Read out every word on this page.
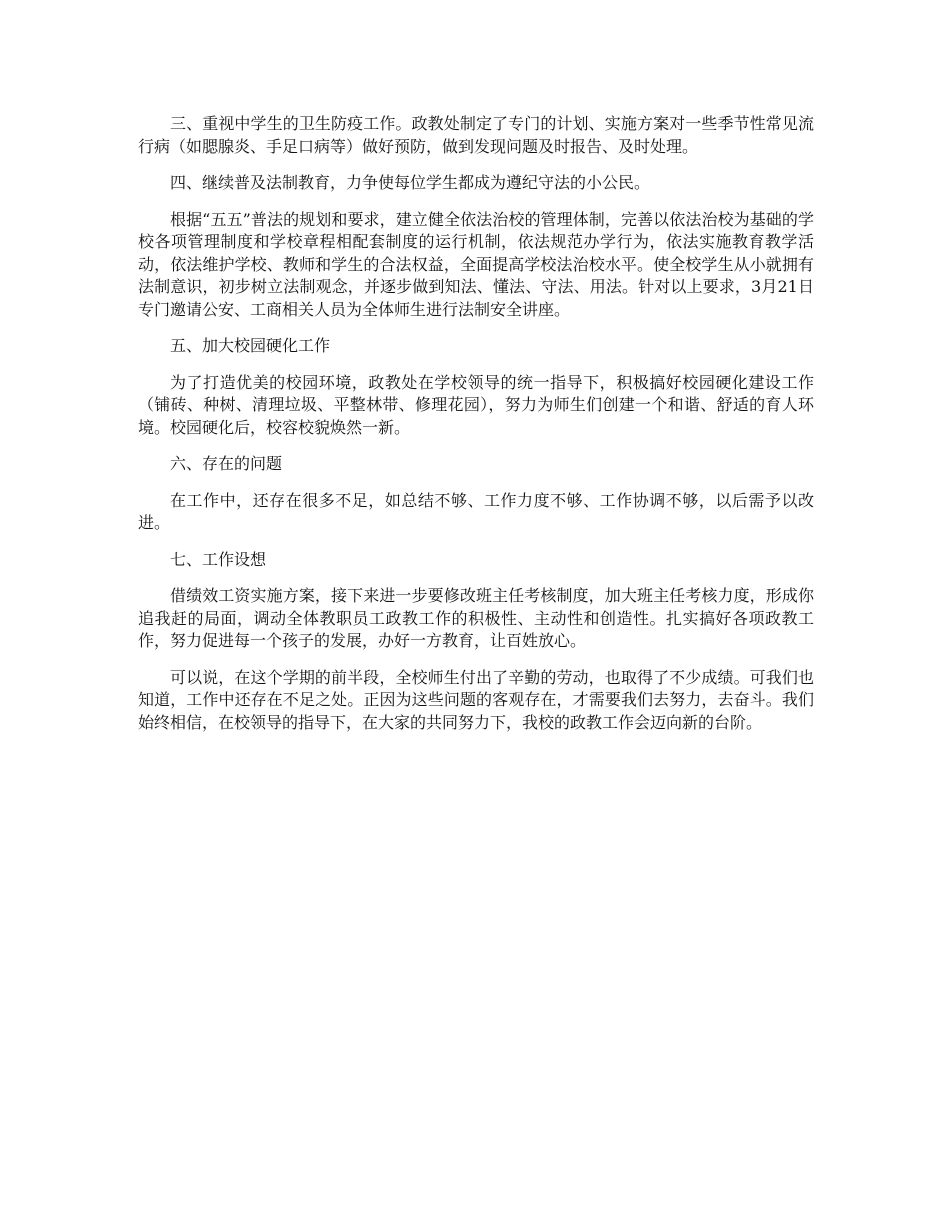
三、重视中学生的卫生防疫工作。政教处制定了专门的计划、实施方案对一些季节性常见流行病（如腮腺炎、手足口病等）做好预防，做到发现问题及时报告、及时处理。

四、继续普及法制教育，力争使每位学生都成为遵纪守法的小公民。

根据“五五”普法的规划和要求，建立健全依法治校的管理体制，完善以依法治校为基础的学校各项管理制度和学校章程相配套制度的运行机制，依法规范办学行为，依法实施教育教学活动，依法维护学校、教师和学生的合法权益，全面提高学校法治校水平。使全校学生从小就拥有法制意识，初步树立法制观念，并逐步做到知法、懂法、守法、用法。针对以上要求，3月21日专门邀请公安、工商相关人员为全体师生进行法制安全讲座。

五、加大校园硬化工作

为了打造优美的校园环境，政教处在学校领导的统一指导下，积极搞好校园硬化建设工作（铺砖、种树、清理垃圾、平整林带、修理花园），努力为师生们创建一个和谐、舒适的育人环境。校园硬化后，校容校貌焕然一新。

六、存在的问题

在工作中，还存在很多不足，如总结不够、工作力度不够、工作协调不够，以后需予以改进。

七、工作设想

借绩效工资实施方案，接下来进一步要修改班主任考核制度，加大班主任考核力度，形成你追我赶的局面，调动全体教职员工政教工作的积极性、主动性和创造性。扎实搞好各项政教工作，努力促进每一个孩子的发展，办好一方教育，让百姓放心。

可以说，在这个学期的前半段，全校师生付出了辛勤的劳动，也取得了不少成绩。可我们也知道，工作中还存在不足之处。正因为这些问题的客观存在，才需要我们去努力，去奋斗。我们始终相信，在校领导的指导下，在大家的共同努力下，我校的政教工作会迈向新的台阶。
